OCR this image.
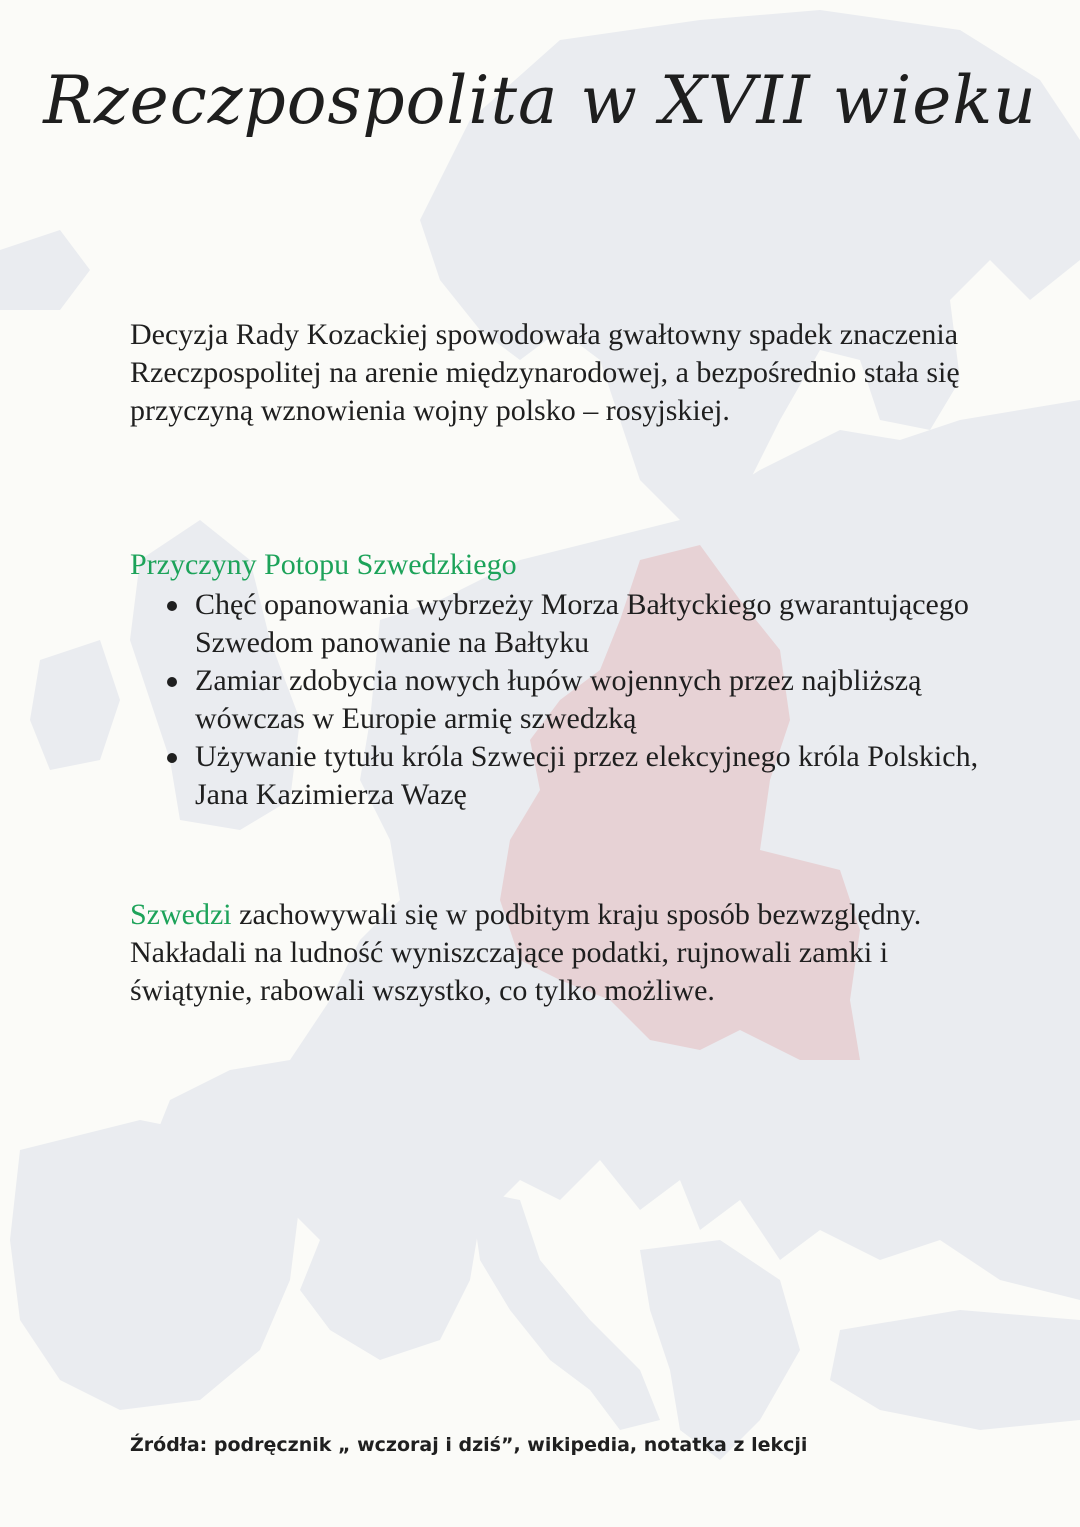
Rzeczpospolita w XVII wieku

Decyzja Rady Kozackiej spowodowała gwałtowny spadek znaczenia Rzeczpospolitej na arenie międzynarodowej, a bezpośrednio stała się przyczyną wznowienia wojny polsko – rosyjskiej.

Przyczyny Potopu Szwedzkiego
Chęć opanowania wybrzeży Morza Bałtyckiego gwarantującego Szwedom panowanie na Bałtyku
Zamiar zdobycia nowych łupów wojennych przez najbliższą wówczas w Europie armię szwedzką
Używanie tytułu króla Szwecji przez elekcyjnego króla Polskich, Jana Kazimierza Wazę

Szwedzi zachowywali się w podbitym kraju sposób bezwzględny. Nakładali na ludność wyniszczające podatki, rujnowali zamki i świątynie, rabowali wszystko, co tylko możliwe.

Źródła: podręcznik „ wczoraj i dziś”, wikipedia, notatka z lekcji
